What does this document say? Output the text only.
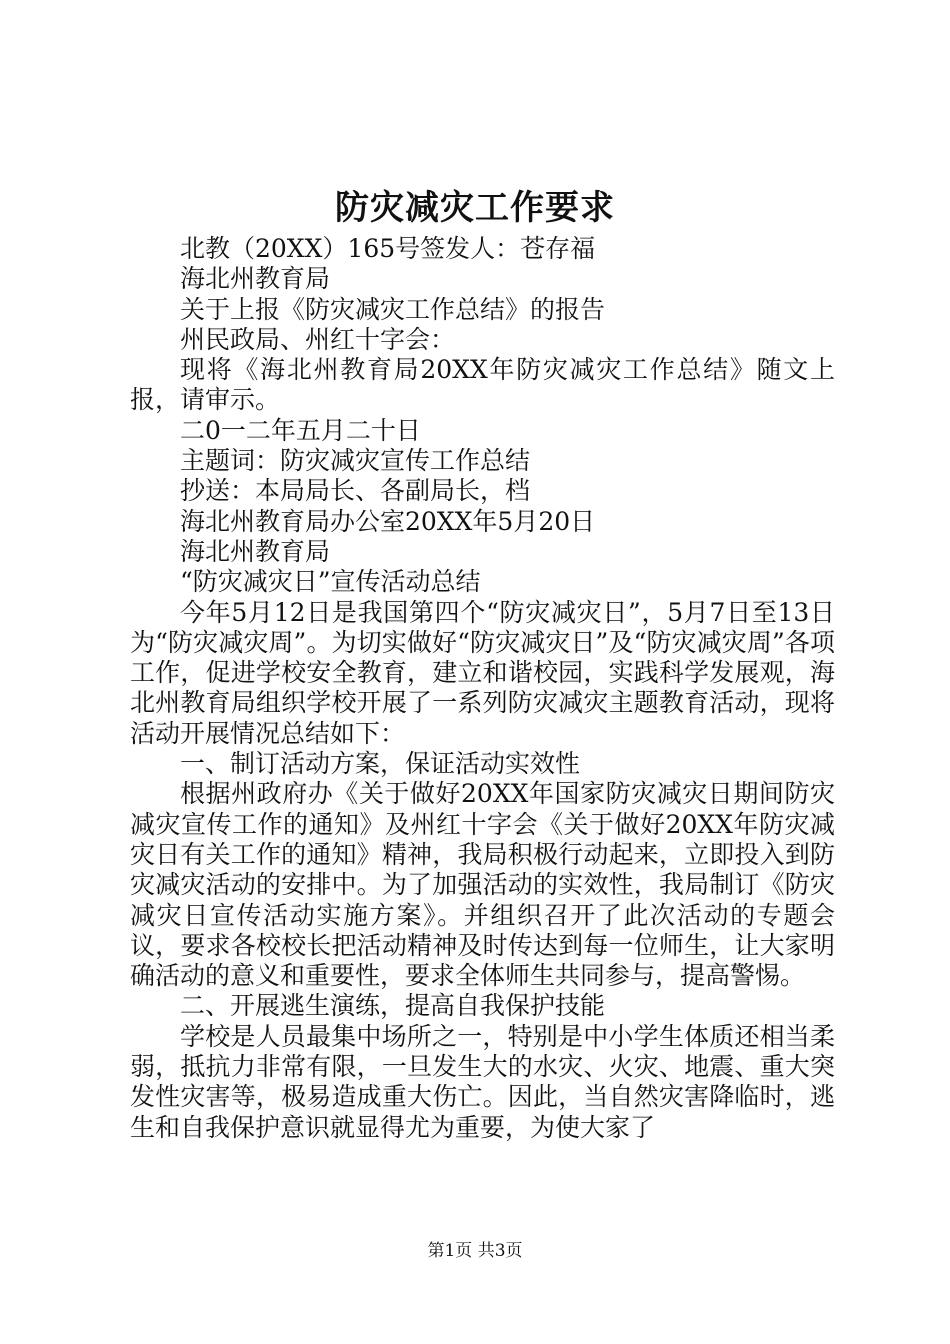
防灾减灾工作要求

北教（20XX）165号签发人：苍存福

海北州教育局

关于上报《防灾减灾工作总结》的报告

州民政局、州红十字会：

现将《海北州教育局20XX年防灾减灾工作总结》随文上报，请审示。

二0一二年五月二十日

主题词：防灾减灾宣传工作总结

抄送：本局局长、各副局长，档

海北州教育局办公室20XX年5月20日

海北州教育局

“防灾减灾日”宣传活动总结

今年5月12日是我国第四个“防灾减灾日”，5月7日至13日为“防灾减灾周”。为切实做好“防灾减灾日”及“防灾减灾周”各项工作，促进学校安全教育，建立和谐校园，实践科学发展观，海北州教育局组织学校开展了一系列防灾减灾主题教育活动，现将活动开展情况总结如下：

一、制订活动方案，保证活动实效性

根据州政府办《关于做好20XX年国家防灾减灾日期间防灾减灾宣传工作的通知》及州红十字会《关于做好20XX年防灾减灾日有关工作的通知》精神，我局积极行动起来，立即投入到防灾减灾活动的安排中。为了加强活动的实效性，我局制订《防灾减灾日宣传活动实施方案》。并组织召开了此次活动的专题会议，要求各校校长把活动精神及时传达到每一位师生，让大家明确活动的意义和重要性，要求全体师生共同参与，提高警惕。

二、开展逃生演练，提高自我保护技能

学校是人员最集中场所之一，特别是中小学生体质还相当柔弱，抵抗力非常有限，一旦发生大的水灾、火灾、地震、重大突发性灾害等，极易造成重大伤亡。因此，当自然灾害降临时，逃生和自我保护意识就显得尤为重要，为使大家了

第1页 共3页
